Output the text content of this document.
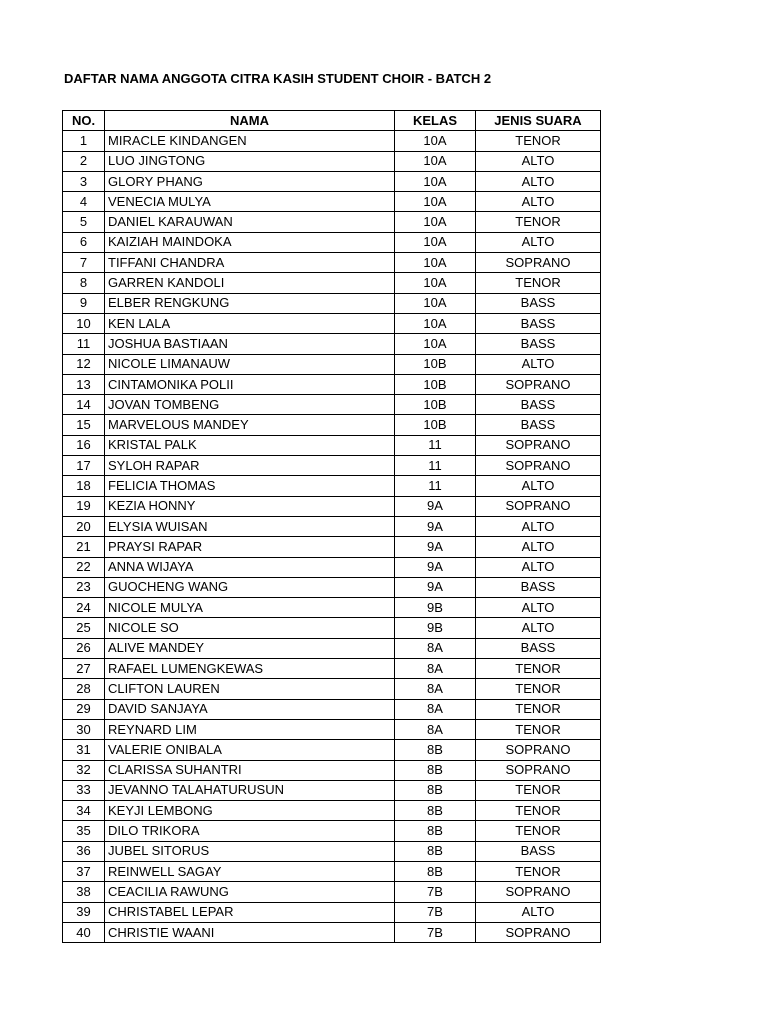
DAFTAR NAMA ANGGOTA CITRA KASIH STUDENT CHOIR - BATCH 2
NO.	NAMA	KELAS	JENIS SUARA
1	MIRACLE KINDANGEN	10A	TENOR
2	LUO JINGTONG	10A	ALTO
3	GLORY PHANG	10A	ALTO
4	VENECIA MULYA	10A	ALTO
5	DANIEL KARAUWAN	10A	TENOR
6	KAIZIAH MAINDOKA	10A	ALTO
7	TIFFANI CHANDRA	10A	SOPRANO
8	GARREN KANDOLI	10A	TENOR
9	ELBER RENGKUNG	10A	BASS
10	KEN LALA	10A	BASS
11	JOSHUA BASTIAAN	10A	BASS
12	NICOLE LIMANAUW	10B	ALTO
13	CINTAMONIKA POLII	10B	SOPRANO
14	JOVAN TOMBENG	10B	BASS
15	MARVELOUS MANDEY	10B	BASS
16	KRISTAL PALK	11	SOPRANO
17	SYLOH RAPAR	11	SOPRANO
18	FELICIA THOMAS	11	ALTO
19	KEZIA HONNY	9A	SOPRANO
20	ELYSIA WUISAN	9A	ALTO
21	PRAYSI RAPAR	9A	ALTO
22	ANNA WIJAYA	9A	ALTO
23	GUOCHENG WANG	9A	BASS
24	NICOLE MULYA	9B	ALTO
25	NICOLE SO	9B	ALTO
26	ALIVE MANDEY	8A	BASS
27	RAFAEL LUMENGKEWAS	8A	TENOR
28	CLIFTON LAUREN	8A	TENOR
29	DAVID SANJAYA	8A	TENOR
30	REYNARD LIM	8A	TENOR
31	VALERIE ONIBALA	8B	SOPRANO
32	CLARISSA SUHANTRI	8B	SOPRANO
33	JEVANNO TALAHATURUSUN	8B	TENOR
34	KEYJI LEMBONG	8B	TENOR
35	DILO TRIKORA	8B	TENOR
36	JUBEL SITORUS	8B	BASS
37	REINWELL SAGAY	8B	TENOR
38	CEACILIA RAWUNG	7B	SOPRANO
39	CHRISTABEL LEPAR	7B	ALTO
40	CHRISTIE WAANI	7B	SOPRANO
